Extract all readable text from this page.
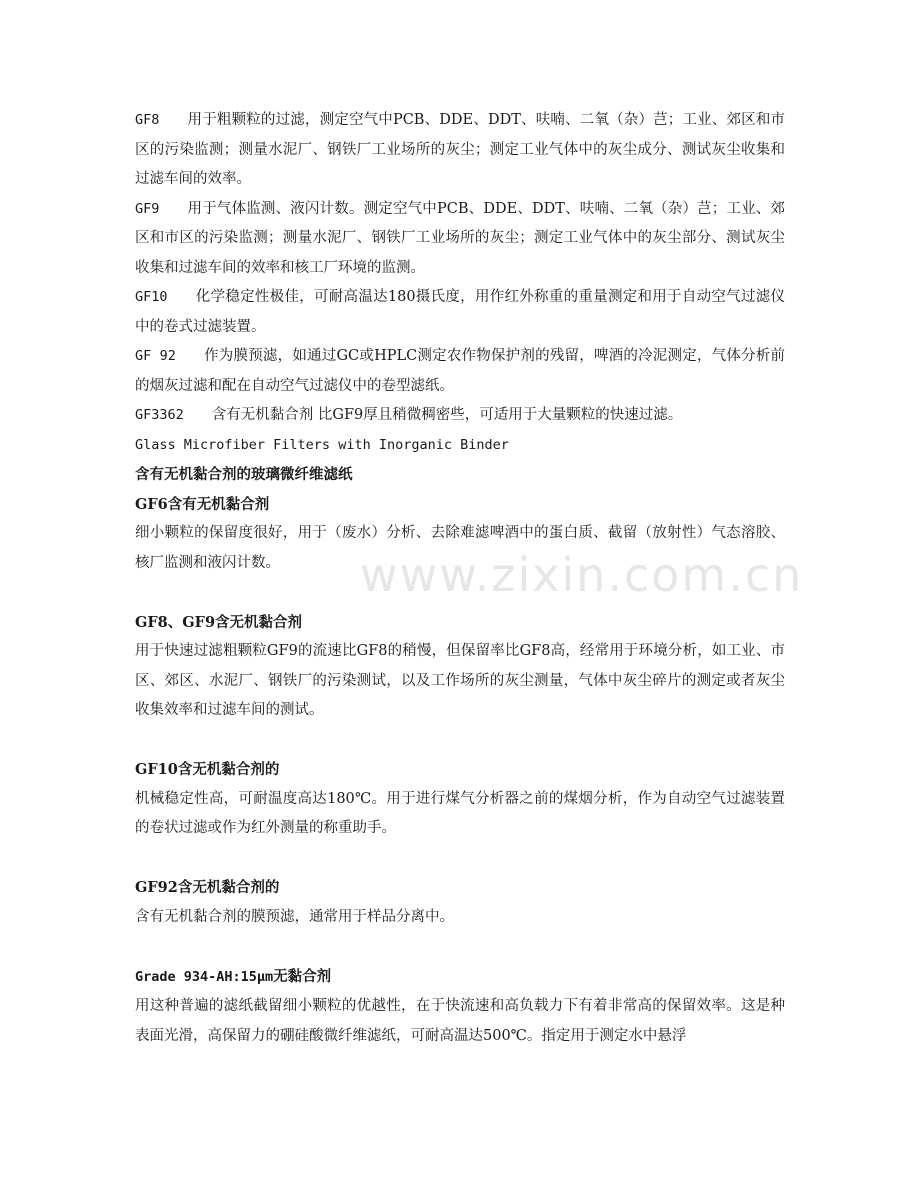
www.zixin.com.cn

GF8 用于粗颗粒的过滤，测定空气中PCB、DDE、DDT、呋喃、二氧（杂）芑；工业、郊区和市区的污染监测；测量水泥厂、钢铁厂工业场所的灰尘；测定工业气体中的灰尘成分、测试灰尘收集和过滤车间的效率。

GF9 用于气体监测、液闪计数。测定空气中PCB、DDE、DDT、呋喃、二氧（杂）芑；工业、郊区和市区的污染监测；测量水泥厂、钢铁厂工业场所的灰尘；测定工业气体中的灰尘部分、测试灰尘收集和过滤车间的效率和核工厂环境的监测。

GF10 化学稳定性极佳，可耐高温达180摄氏度，用作红外称重的重量测定和用于自动空气过滤仪中的卷式过滤装置。

GF 92 作为膜预滤，如通过GC或HPLC测定农作物保护剂的残留，啤酒的冷泥测定，气体分析前的烟灰过滤和配在自动空气过滤仪中的卷型滤纸。

GF3362 含有无机黏合剂 比GF9厚且稍微稠密些，可适用于大量颗粒的快速过滤。

Glass Microfiber Filters with Inorganic Binder

含有无机黏合剂的玻璃微纤维滤纸

GF6含有无机黏合剂

细小颗粒的保留度很好，用于（废水）分析、去除难滤啤酒中的蛋白质、截留（放射性）气态溶胶、核厂监测和液闪计数。

GF8、GF9含无机黏合剂

用于快速过滤粗颗粒GF9的流速比GF8的稍慢，但保留率比GF8高，经常用于环境分析，如工业、市区、郊区、水泥厂、钢铁厂的污染测试，以及工作场所的灰尘测量，气体中灰尘碎片的测定或者灰尘收集效率和过滤车间的测试。

GF10含无机黏合剂的

机械稳定性高，可耐温度高达180℃。用于进行煤气分析器之前的煤烟分析，作为自动空气过滤装置的卷状过滤或作为红外测量的称重助手。

GF92含无机黏合剂的

含有无机黏合剂的膜预滤，通常用于样品分离中。

Grade 934-AH:15μm无黏合剂

用这种普遍的滤纸截留细小颗粒的优越性，在于快流速和高负载力下有着非常高的保留效率。这是种表面光滑，高保留力的硼硅酸微纤维滤纸，可耐高温达500℃。指定用于测定水中悬浮
